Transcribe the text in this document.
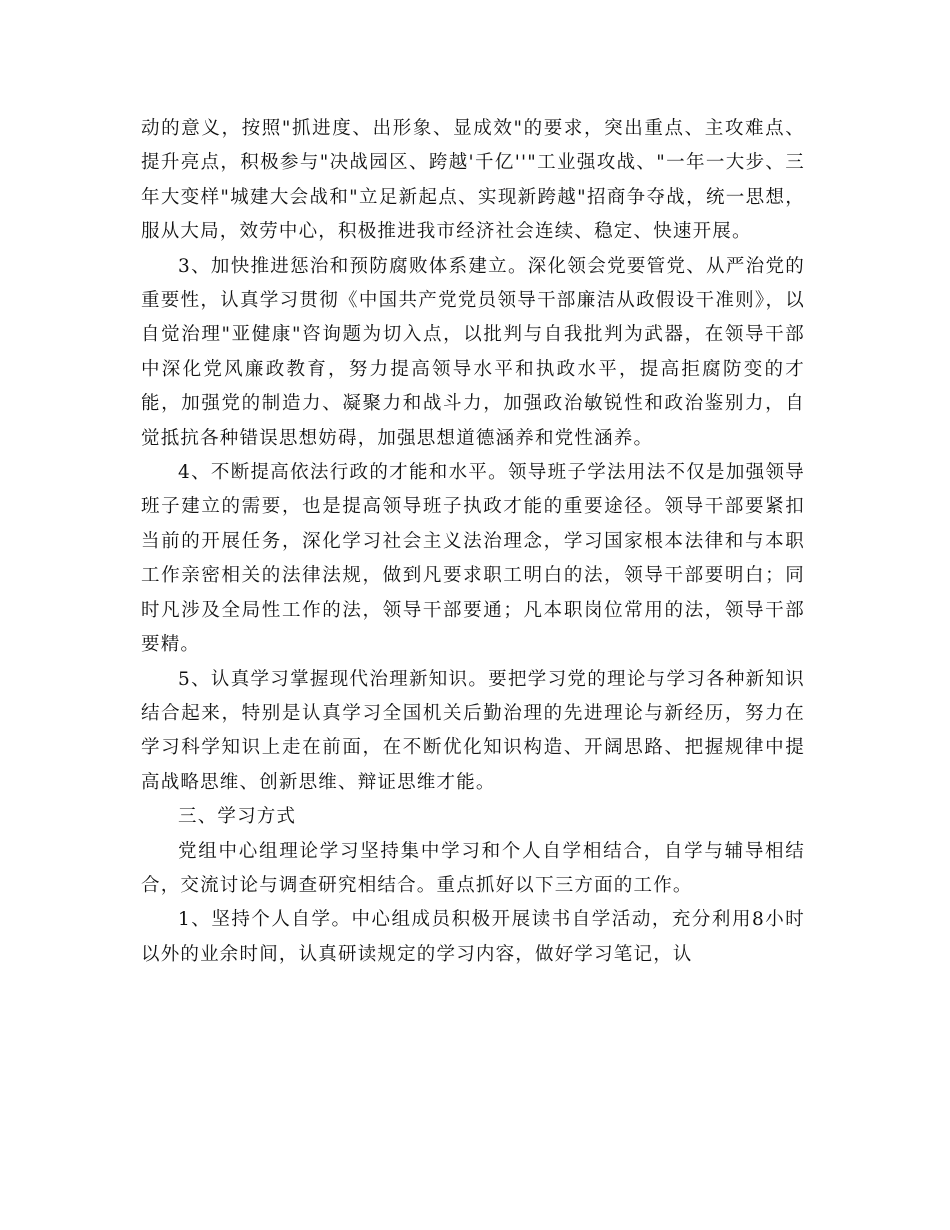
动的意义，按照"抓进度、出形象、显成效"的要求，突出重点、主攻难点、提升亮点，积极参与"决战园区、跨越'千亿''"工业强攻战、"一年一大步、三年大变样"城建大会战和"立足新起点、实现新跨越"招商争夺战，统一思想，服从大局，效劳中心，积极推进我市经济社会连续、稳定、快速开展。

3、加快推进惩治和预防腐败体系建立。深化领会党要管党、从严治党的重要性，认真学习贯彻《中国共产党党员领导干部廉洁从政假设干准则》，以自觉治理"亚健康"咨询题为切入点，以批判与自我批判为武器，在领导干部中深化党风廉政教育，努力提高领导水平和执政水平，提高拒腐防变的才能，加强党的制造力、凝聚力和战斗力，加强政治敏锐性和政治鉴别力，自觉抵抗各种错误思想妨碍，加强思想道德涵养和党性涵养。

4、不断提高依法行政的才能和水平。领导班子学法用法不仅是加强领导班子建立的需要，也是提高领导班子执政才能的重要途径。领导干部要紧扣当前的开展任务，深化学习社会主义法治理念，学习国家根本法律和与本职工作亲密相关的法律法规，做到凡要求职工明白的法，领导干部要明白；同时凡涉及全局性工作的法，领导干部要通；凡本职岗位常用的法，领导干部要精。

5、认真学习掌握现代治理新知识。要把学习党的理论与学习各种新知识结合起来，特别是认真学习全国机关后勤治理的先进理论与新经历，努力在学习科学知识上走在前面，在不断优化知识构造、开阔思路、把握规律中提高战略思维、创新思维、辩证思维才能。

三、学习方式

党组中心组理论学习坚持集中学习和个人自学相结合，自学与辅导相结合，交流讨论与调查研究相结合。重点抓好以下三方面的工作。

1、坚持个人自学。中心组成员积极开展读书自学活动，充分利用8小时以外的业余时间，认真研读规定的学习内容，做好学习笔记，认
